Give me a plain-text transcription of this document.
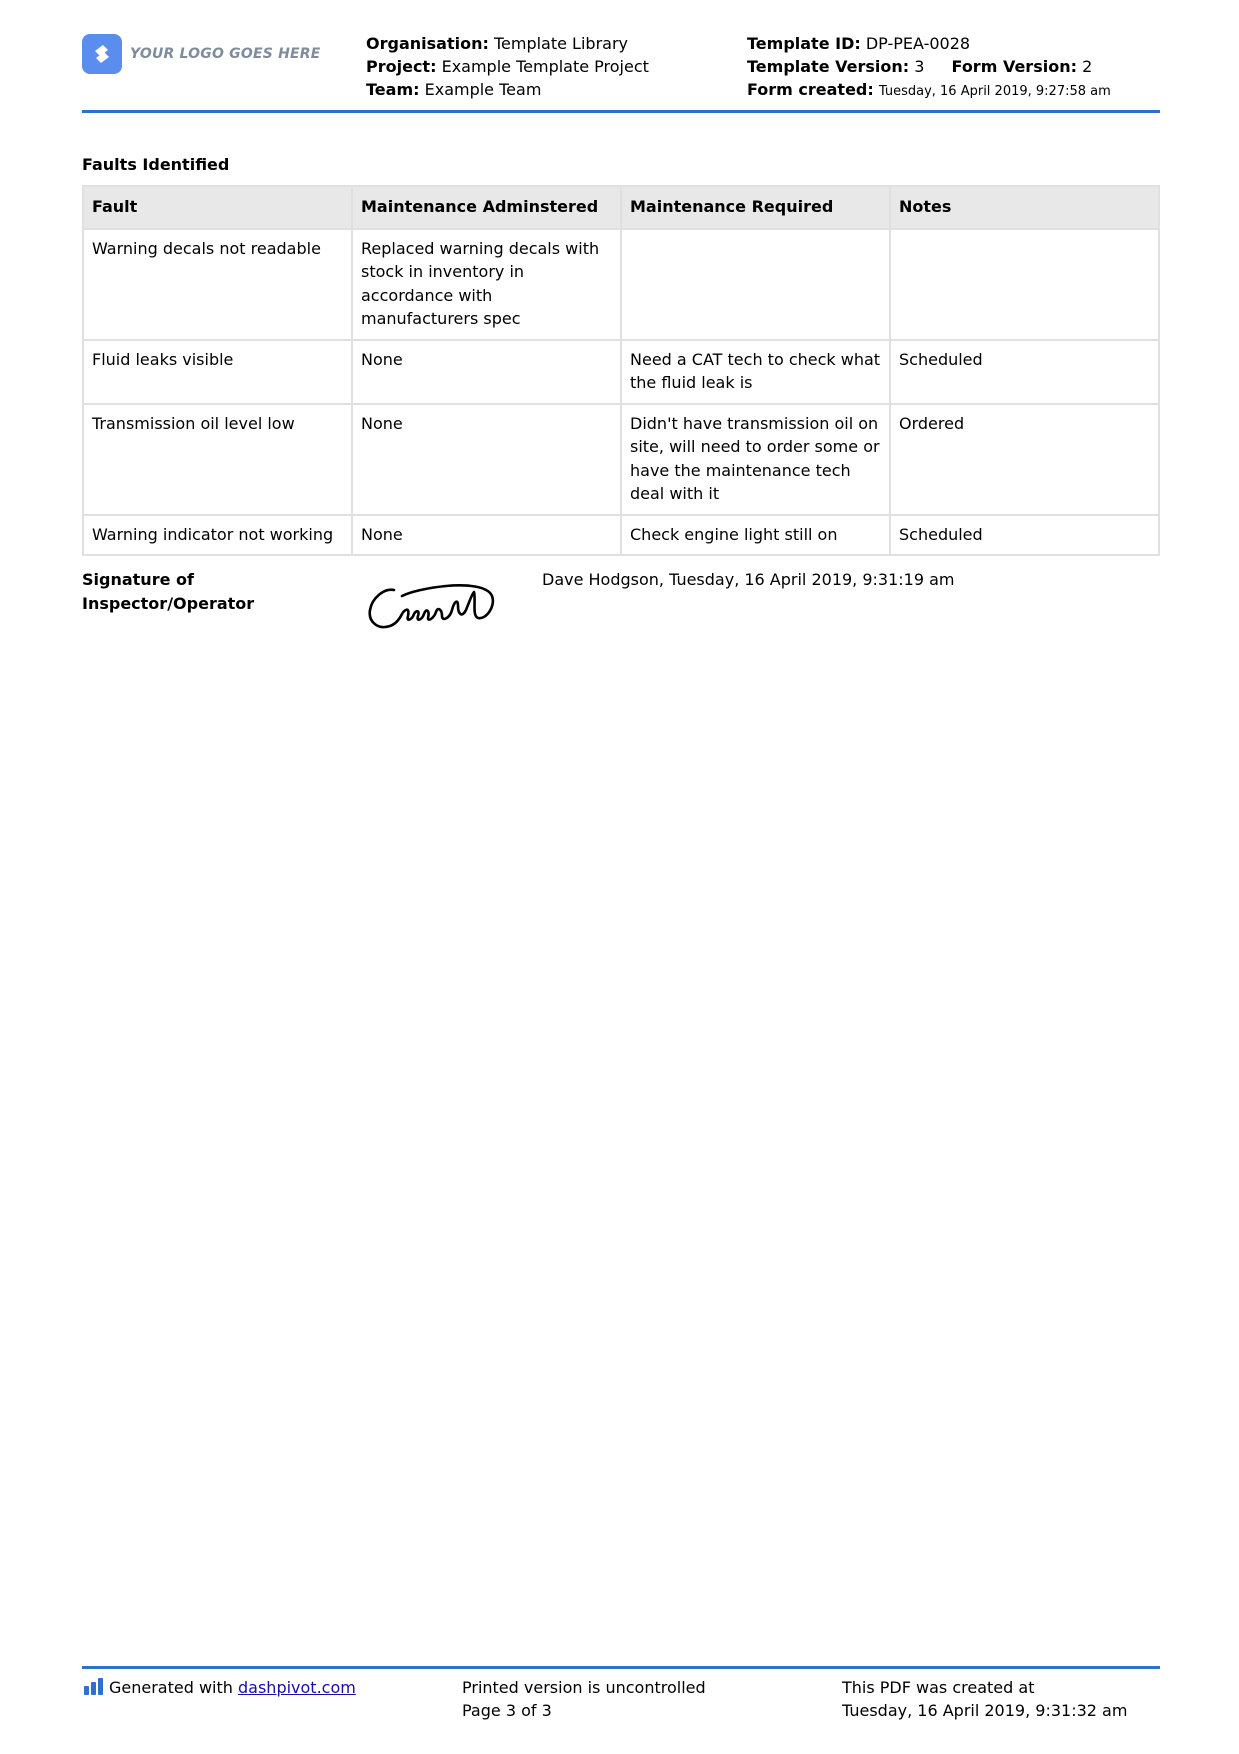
YOUR LOGO GOES HERE
Organisation: Template Library
Project: Example Template Project
Team: Example Team
Template ID: DP-PEA-0028
Template Version: 3 Form Version: 2
Form created: Tuesday, 16 April 2019, 9:27:58 am
Faults Identified
Fault	Maintenance Adminstered	Maintenance Required	Notes
Warning decals not readable	Replaced warning decals with stock in inventory in accordance with manufacturers spec		
Fluid leaks visible	None	Need a CAT tech to check what the fluid leak is	Scheduled
Transmission oil level low	None	Didn't have transmission oil on site, will need to order some or have the maintenance tech deal with it	Ordered
Warning indicator not working	None	Check engine light still on	Scheduled
Signature of
Inspector/Operator
Dave Hodgson, Tuesday, 16 April 2019, 9:31:19 am
Generated with dashpivot.com	Printed version is uncontrolled
Page 3 of 3
This PDF was created at
Tuesday, 16 April 2019, 9:31:32 am
